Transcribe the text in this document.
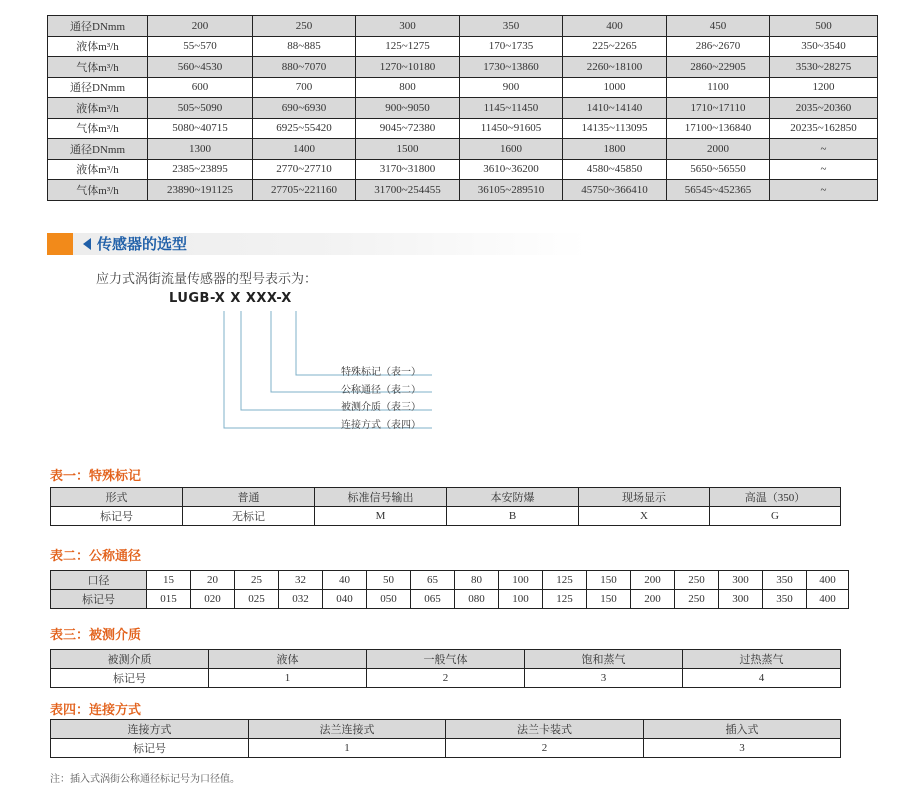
通径DNmm	200	250	300	350	400	450	500
液体m³/h	55~570	88~885	125~1275	170~1735	225~2265	286~2670	350~3540
气体m³/h	560~4530	880~7070	1270~10180	1730~13860	2260~18100	2860~22905	3530~28275
通径DNmm	600	700	800	900	1000	1100	1200
液体m³/h	505~5090	690~6930	900~9050	1145~11450	1410~14140	1710~17110	2035~20360
气体m³/h	5080~40715	6925~55420	9045~72380	11450~91605	14135~113095	17100~136840	20235~162850
通径DNmm	1300	1400	1500	1600	1800	2000	~
液体m³/h	2385~23895	2770~27710	3170~31800	3610~36200	4580~45850	5650~56550	~
气体m³/h	23890~191125	27705~221160	31700~254455	36105~289510	45750~366410	56545~452365	~
传感器的选型
应力式涡街流量传感器的型号表示为：
LUGB-X X XXX-X
特殊标记（表一）
公称通径（表二）
被测介质（表三）
连接方式（表四）
表一：特殊标记
形式	普通	标准信号输出	本安防爆	现场显示	高温（350）
标记号	无标记	M	B	X	G
表二：公称通径
口径	15	20	25	32	40	50	65	80	100	125	150	200	250	300	350	400
标记号	015	020	025	032	040	050	065	080	100	125	150	200	250	300	350	400
表三：被测介质
被测介质	液体	一般气体	饱和蒸气	过热蒸气
标记号	1	2	3	4
表四：连接方式
连接方式	法兰连接式	法兰卡装式	插入式
标记号	1	2	3
注：插入式涡街公称通径标记号为口径值。
